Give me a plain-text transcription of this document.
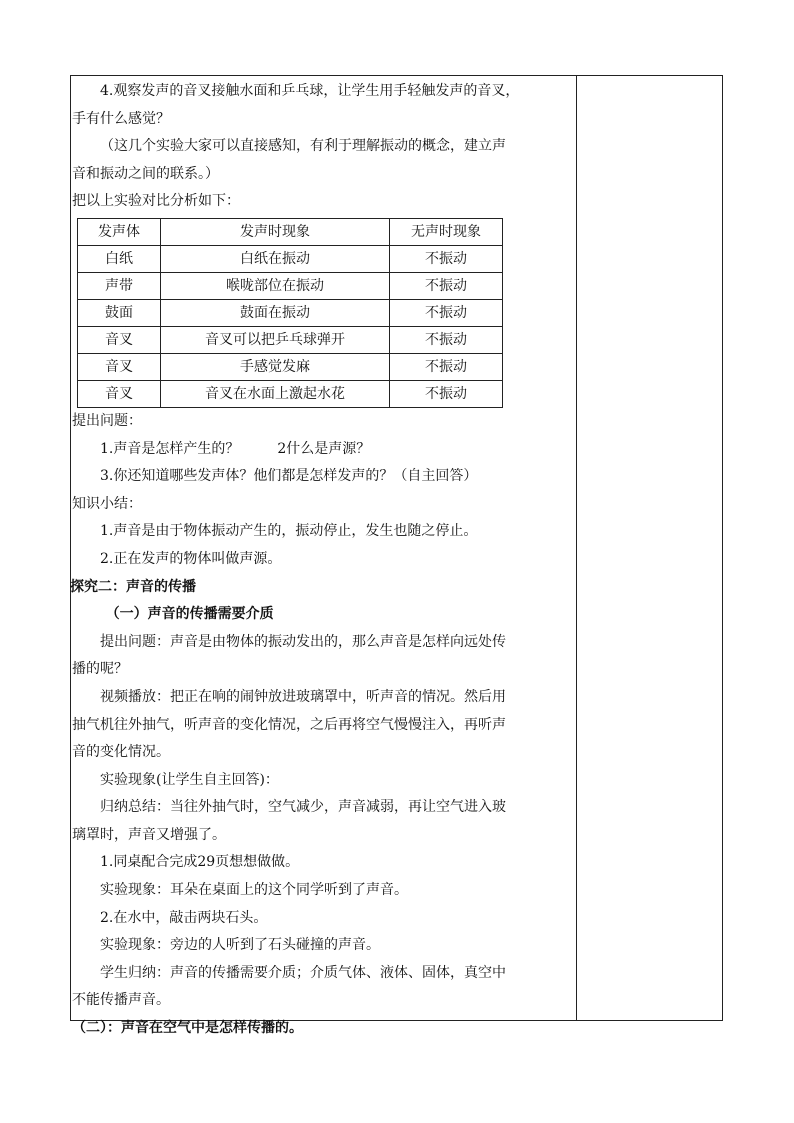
4.观察发声的音叉接触水面和乒乓球，让学生用手轻触发声的音叉，

手有什么感觉？

（这几个实验大家可以直接感知，有利于理解振动的概念，建立声

音和振动之间的联系。）

把以上实验对比分析如下：

发声体	发声时现象	无声时现象
白纸	白纸在振动	不振动
声带	喉咙部位在振动	不振动
鼓面	鼓面在振动	不振动
音叉	音叉可以把乒乓球弹开	不振动
音叉	手感觉发麻	不振动
音叉	音叉在水面上激起水花	不振动

提出问题：

1.声音是怎样产生的？	2什么是声源？

3.你还知道哪些发声体？他们都是怎样发声的？（自主回答）

知识小结：

1.声音是由于物体振动产生的，振动停止，发生也随之停止。

2.正在发声的物体叫做声源。

探究二：声音的传播

（一）声音的传播需要介质

提出问题：声音是由物体的振动发出的，那么声音是怎样向远处传

播的呢？

视频播放：把正在响的闹钟放进玻璃罩中，听声音的情况。然后用

抽气机往外抽气，听声音的变化情况，之后再将空气慢慢注入，再听声

音的变化情况。

实验现象(让学生自主回答)：

归纳总结：当往外抽气时，空气减少，声音减弱，再让空气进入玻

璃罩时，声音又增强了。

1.同桌配合完成29页想想做做。

实验现象：耳朵在桌面上的这个同学听到了声音。

2.在水中，敲击两块石头。

实验现象：旁边的人听到了石头碰撞的声音。

学生归纳：声音的传播需要介质；介质气体、液体、固体，真空中

不能传播声音。

（二）：声音在空气中是怎样传播的。
